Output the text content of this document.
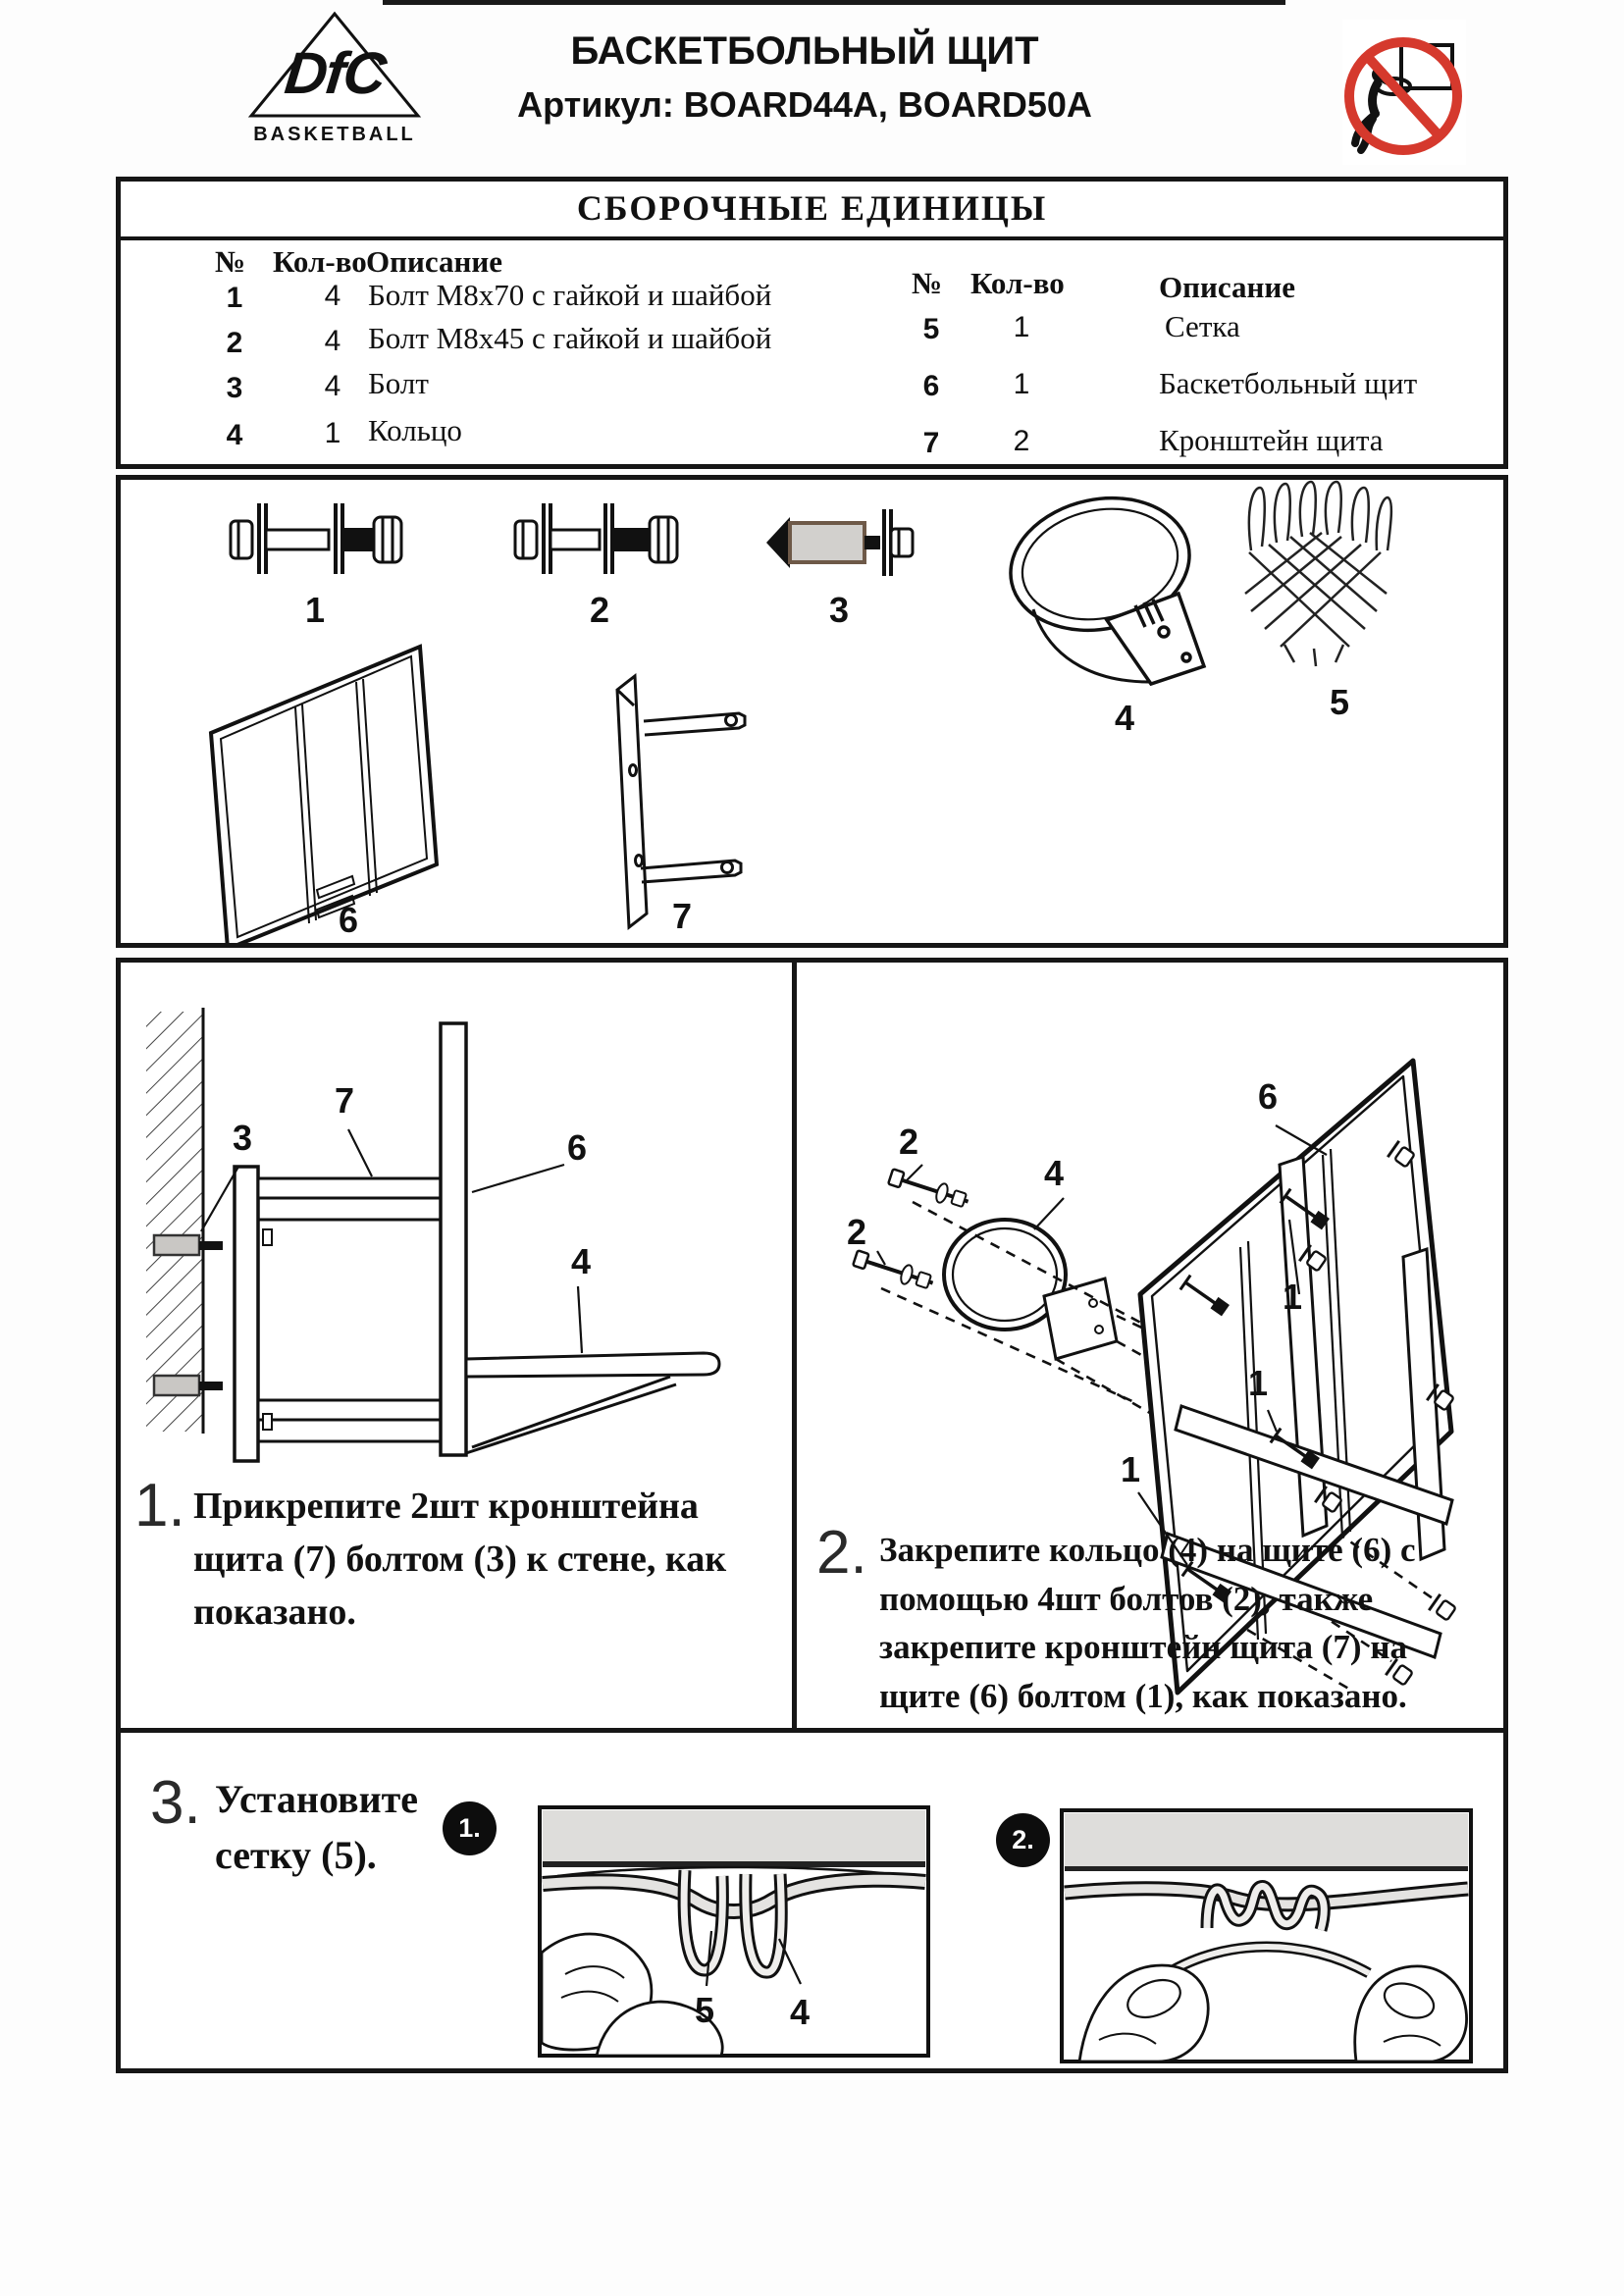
DfC
BASKETBALL
БАСКЕТБОЛЬНЫЙ ЩИТ
Артикул: BOARD44A, BOARD50A
СБОРОЧНЫЕ ЕДИНИЦЫ
№ Кол-во Описание
1	4 Болт M8x70 с гайкой и шайбой
2	4 Болт M8x45 с гайкой и шайбой
3	4 Болт
4	1 Кольцо
№ Кол-во	Описание
5	1	Сетка
6	1	Баскетбольный щит
7	2	Кронштейн щита
1	2	3
4	5
6	7
3
7
6
4
1. Прикрепите 2шт кронштейна щита (7) болтом (3) к стене, как показано.
2
2
4
6
1
1
1
2. Закрепите кольцо (4) на щите (6) с помощью 4шт болтов (2), также закрепите кронштейн щита (7) на щите (6) болтом (1), как показано.
3. Установите сетку (5).
1.
5	4
2.
